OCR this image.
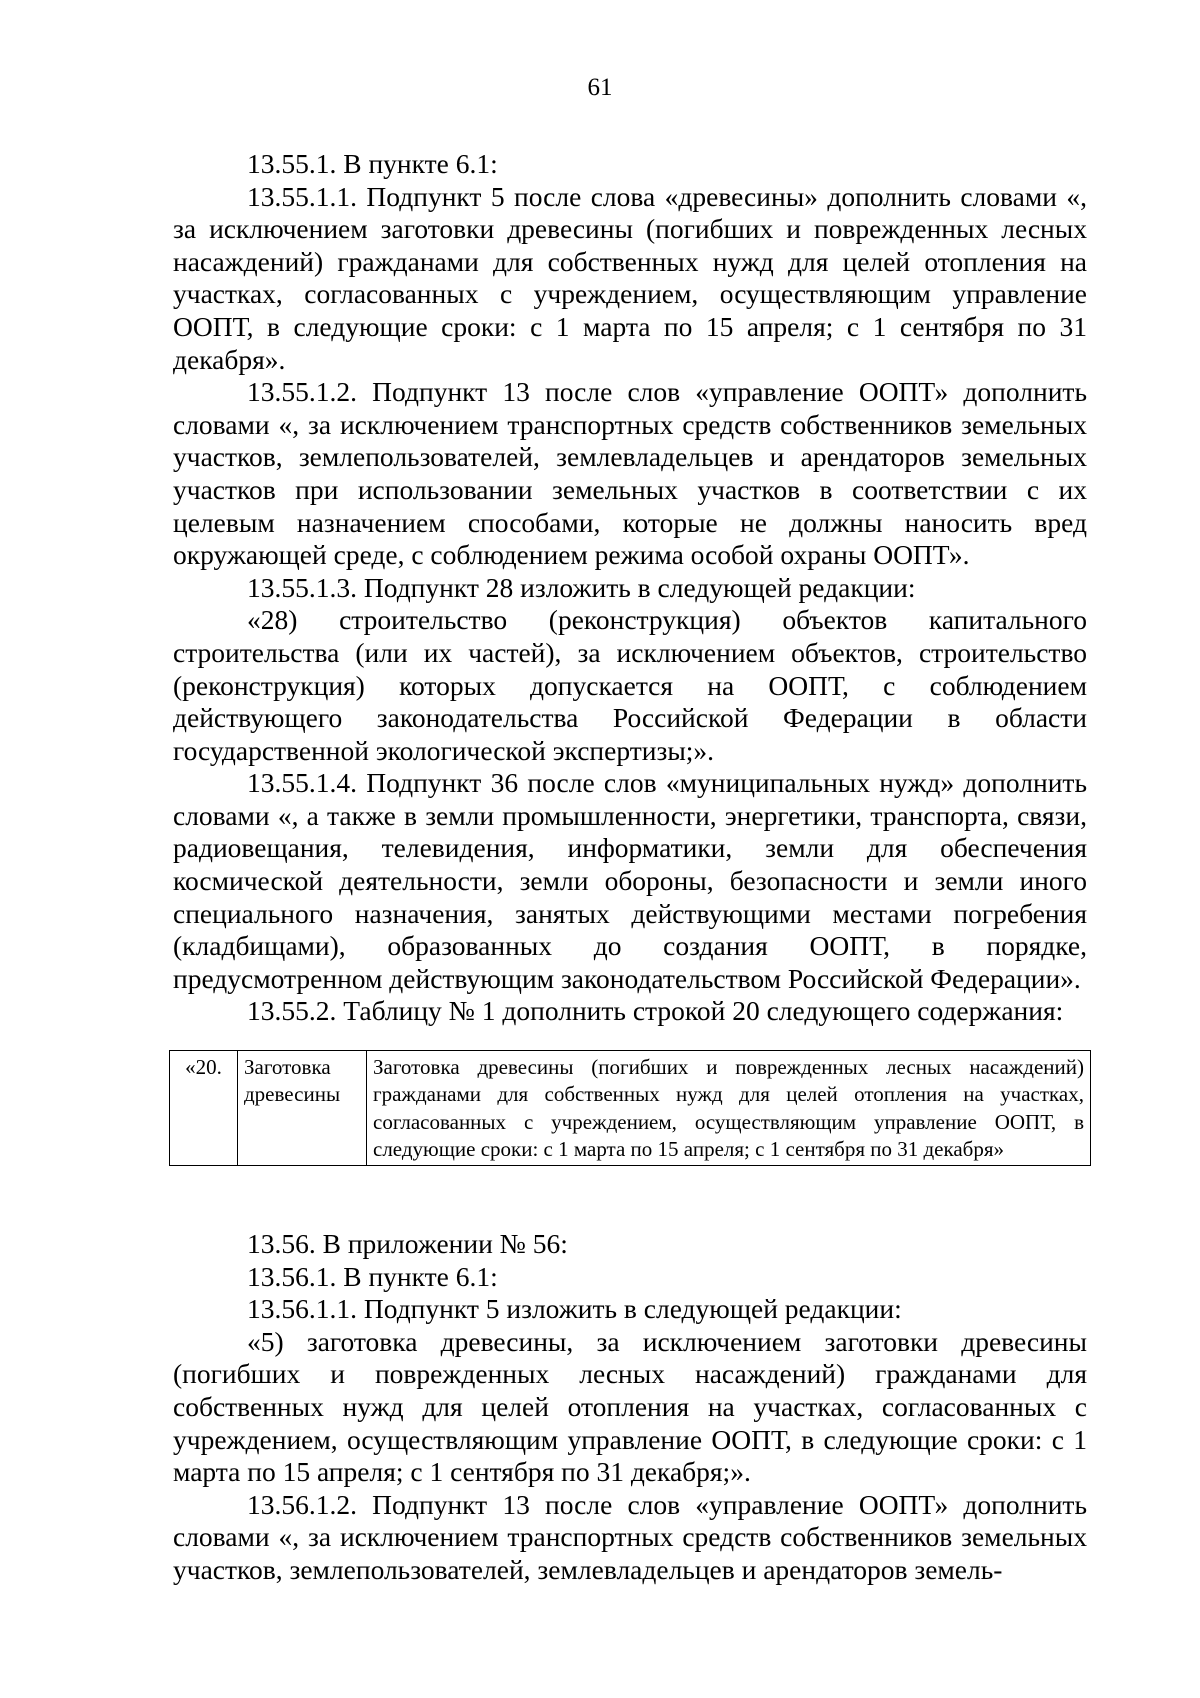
61

13.55.1. В пункте 6.1:

13.55.1.1. Подпункт 5 после слова «древесины» дополнить словами «, за исключением заготовки древесины (погибших и поврежденных лесных насаждений) гражданами для собственных нужд для целей отопления на участках, согласованных с учреждением, осуществляющим управление ООПТ, в следующие сроки: с 1 марта по 15 апреля; с 1 сентября по 31 декабря».

13.55.1.2. Подпункт 13 после слов «управление ООПТ» дополнить словами «, за исключением транспортных средств собственников земельных участков, землепользователей, землевладельцев и арендаторов земельных участков при использовании земельных участков в соответствии с их целевым назначением способами, которые не должны наносить вред окружающей среде, с соблюдением режима особой охраны ООПТ».

13.55.1.3. Подпункт 28 изложить в следующей редакции:

«28) строительство (реконструкция) объектов капитального строительства (или их частей), за исключением объектов, строительство (реконструкция) которых допускается на ООПТ, с соблюдением действующего законодательства Российской Федерации в области государственной экологической экспертизы;».

13.55.1.4. Подпункт 36 после слов «муниципальных нужд» дополнить словами «, а также в земли промышленности, энергетики, транспорта, связи, радиовещания, телевидения, информатики, земли для обеспечения космической деятельности, земли обороны, безопасности и земли иного специального назначения, занятых действующими местами погребения (кладбищами), образованных до создания ООПТ, в порядке, предусмотренном действующим законодательством Российской Федерации».

13.55.2. Таблицу № 1 дополнить строкой 20 следующего содержания:

«20.	Заготовка древесины	Заготовка древесины (погибших и поврежденных лесных насаждений) гражданами для собственных нужд для целей отопления на участках, согласованных с учреждением, осуществляющим управление ООПТ, в следующие сроки: с 1 марта по 15 апреля; с 1 сентября по 31 декабря»

13.56. В приложении № 56:

13.56.1. В пункте 6.1:

13.56.1.1. Подпункт 5 изложить в следующей редакции:

«5) заготовка древесины, за исключением заготовки древесины (погибших и поврежденных лесных насаждений) гражданами для собственных нужд для целей отопления на участках, согласованных с учреждением, осуществляющим управление ООПТ, в следующие сроки: с 1 марта по 15 апреля; с 1 сентября по 31 декабря;».

13.56.1.2. Подпункт 13 после слов «управление ООПТ» дополнить словами «, за исключением транспортных средств собственников земельных участков, землепользователей, землевладельцев и арендаторов земель-
